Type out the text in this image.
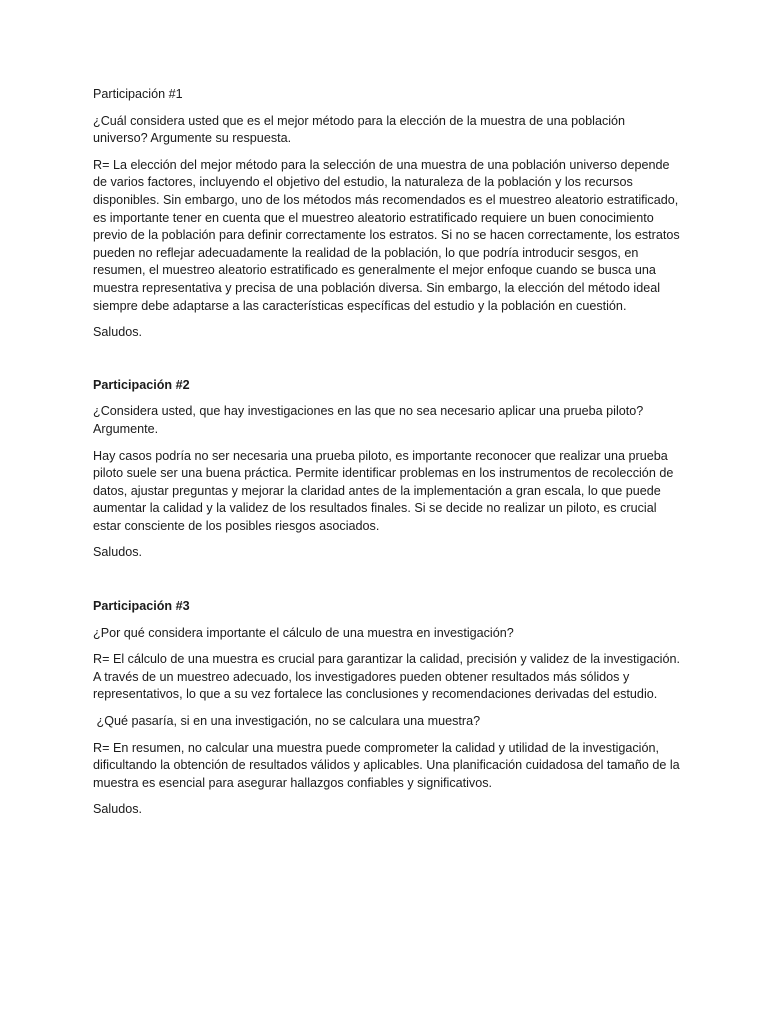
Participación #1

¿Cuál considera usted que es el mejor método para la elección de la muestra de una población universo? Argumente su respuesta.

R= La elección del mejor método para la selección de una muestra de una población universo depende de varios factores, incluyendo el objetivo del estudio, la naturaleza de la población y los recursos disponibles. Sin embargo, uno de los métodos más recomendados es el muestreo aleatorio estratificado, es importante tener en cuenta que el muestreo aleatorio estratificado requiere un buen conocimiento previo de la población para definir correctamente los estratos. Si no se hacen correctamente, los estratos pueden no reflejar adecuadamente la realidad de la población, lo que podría introducir sesgos, en resumen, el muestreo aleatorio estratificado es generalmente el mejor enfoque cuando se busca una muestra representativa y precisa de una población diversa. Sin embargo, la elección del método ideal siempre debe adaptarse a las características específicas del estudio y la población en cuestión.

Saludos.

Participación #2

¿Considera usted, que hay investigaciones en las que no sea necesario aplicar una prueba piloto? Argumente.

Hay casos podría no ser necesaria una prueba piloto, es importante reconocer que realizar una prueba piloto suele ser una buena práctica. Permite identificar problemas en los instrumentos de recolección de datos, ajustar preguntas y mejorar la claridad antes de la implementación a gran escala, lo que puede aumentar la calidad y la validez de los resultados finales. Si se decide no realizar un piloto, es crucial estar consciente de los posibles riesgos asociados.

Saludos.

Participación #3

¿Por qué considera importante el cálculo de una muestra en investigación?

R= El cálculo de una muestra es crucial para garantizar la calidad, precisión y validez de la investigación. A través de un muestreo adecuado, los investigadores pueden obtener resultados más sólidos y representativos, lo que a su vez fortalece las conclusiones y recomendaciones derivadas del estudio.

¿Qué pasaría, si en una investigación, no se calculara una muestra?

R= En resumen, no calcular una muestra puede comprometer la calidad y utilidad de la investigación, dificultando la obtención de resultados válidos y aplicables. Una planificación cuidadosa del tamaño de la muestra es esencial para asegurar hallazgos confiables y significativos.

Saludos.
